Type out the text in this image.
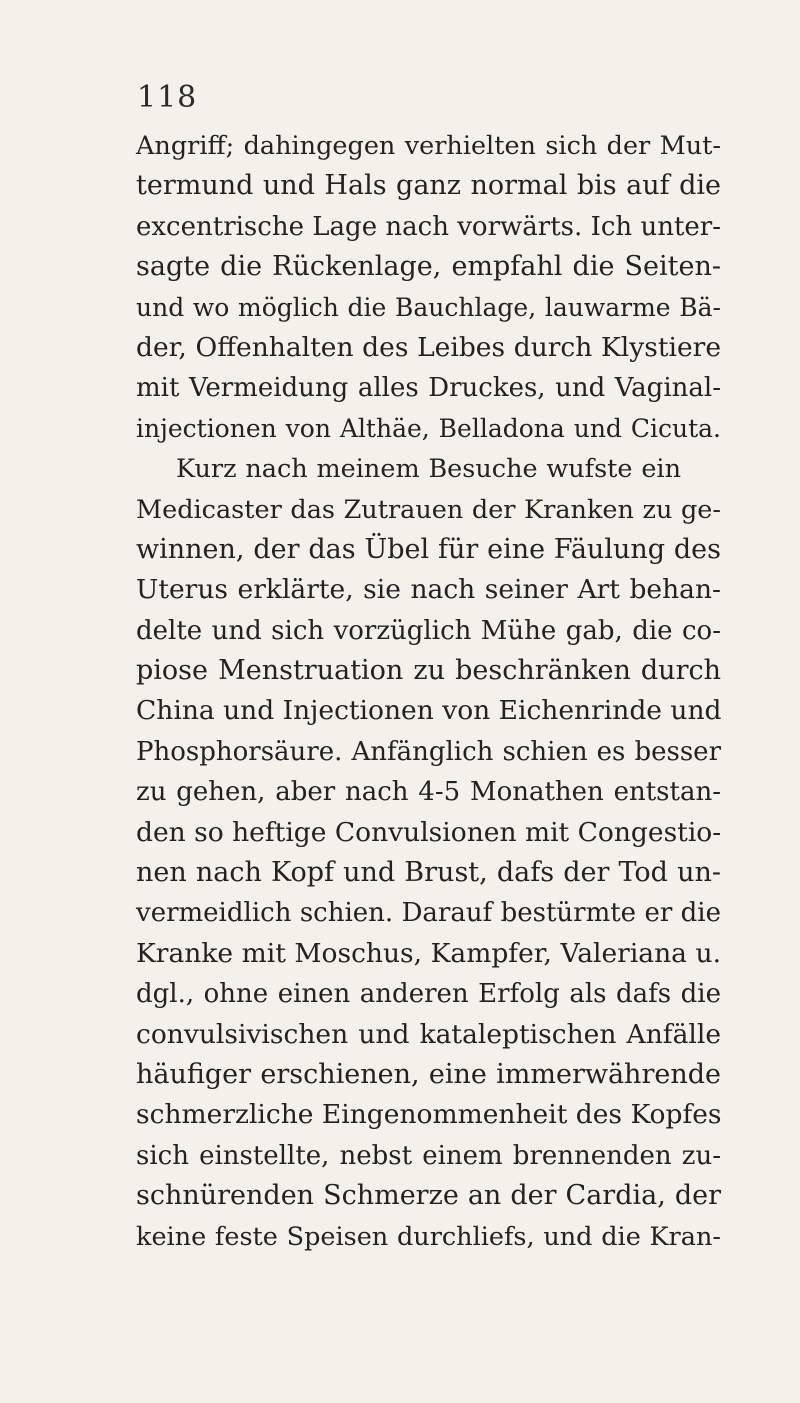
118
Angriff; dahingegen verhielten sich der Mut-
termund und Hals ganz normal bis auf die
excentrische Lage nach vorwärts. Ich unter-
sagte die Rückenlage, empfahl die Seiten-
und wo möglich die Bauchlage, lauwarme Bä-
der, Offenhalten des Leibes durch Klystiere
mit Vermeidung alles Druckes, und Vaginal-
injectionen von Althäe, Belladona und Cicuta.
Kurz nach meinem Besuche wufste ein
Medicaster das Zutrauen der Kranken zu ge-
winnen, der das Übel für eine Fäulung des
Uterus erklärte, sie nach seiner Art behan-
delte und sich vorzüglich Mühe gab, die co-
piose Menstruation zu beschränken durch
China und Injectionen von Eichenrinde und
Phosphorsäure. Anfänglich schien es besser
zu gehen, aber nach 4-5 Monathen entstan-
den so heftige Convulsionen mit Congestio-
nen nach Kopf und Brust, dafs der Tod un-
vermeidlich schien. Darauf bestürmte er die
Kranke mit Moschus, Kampfer, Valeriana u.
dgl., ohne einen anderen Erfolg als dafs die
convulsivischen und kataleptischen Anfälle
häufiger erschienen, eine immerwährende
schmerzliche Eingenommenheit des Kopfes
sich einstellte, nebst einem brennenden zu-
schnürenden Schmerze an der Cardia, der
keine feste Speisen durchliefs, und die Kran-
